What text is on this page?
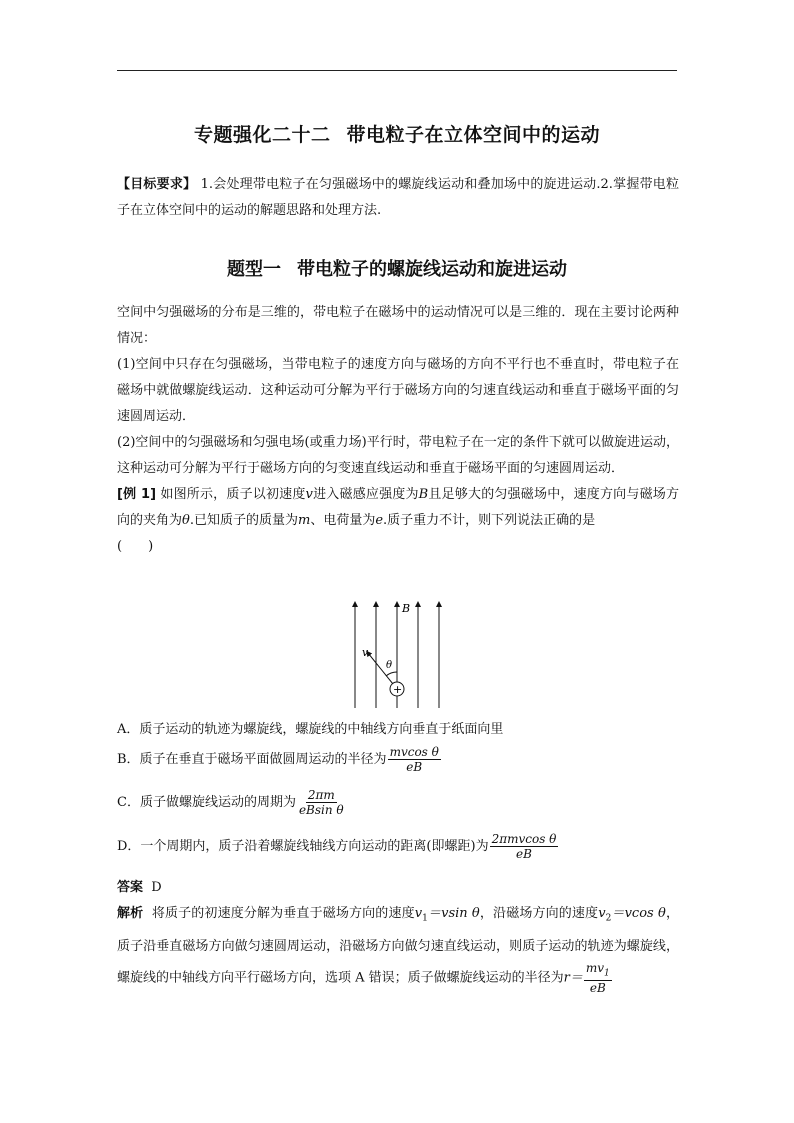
专题强化二十二 带电粒子在立体空间中的运动

【目标要求】 1.会处理带电粒子在匀强磁场中的螺旋线运动和叠加场中的旋进运动.2.掌握带电粒子在立体空间中的运动的解题思路和处理方法.

题型一 带电粒子的螺旋线运动和旋进运动

空间中匀强磁场的分布是三维的，带电粒子在磁场中的运动情况可以是三维的．现在主要讨论两种情况：

(1)空间中只存在匀强磁场，当带电粒子的速度方向与磁场的方向不平行也不垂直时，带电粒子在磁场中就做螺旋线运动．这种运动可分解为平行于磁场方向的匀速直线运动和垂直于磁场平面的匀速圆周运动．

(2)空间中的匀强磁场和匀强电场(或重力场)平行时，带电粒子在一定的条件下就可以做旋进运动，这种运动可分解为平行于磁场方向的匀变速直线运动和垂直于磁场平面的匀速圆周运动．

[例 1] 如图所示，质子以初速度v进入磁感应强度为B且足够大的匀强磁场中，速度方向与磁场方向的夹角为θ.已知质子的质量为m、电荷量为e.质子重力不计，则下列说法正确的是
(　　)

B
v
θ
+
A．质子运动的轨迹为螺旋线，螺旋线的中轴线方向垂直于纸面向里
B．质子在垂直于磁场平面做圆周运动的半径为 $\frac{\text{mvcos θ}}{eB}$
C．质子做螺旋线运动的周期为 $\frac{2\pi m}{\text{eBsin θ}}$
D．一个周期内，质子沿着螺旋线轴线方向运动的距离(即螺距)为 $\frac{\text{2πmvcos θ}}{eB}$
答案 D
解析 将质子的初速度分解为垂直于磁场方向的速度$v_1=vsin$ θ，沿磁场方向的速度$v_2=vcos$ θ，质子沿垂直磁场方向做匀速圆周运动，沿磁场方向做匀速直线运动，则质子运动的轨迹为螺旋线，螺旋线的中轴线方向平行磁场方向，选项 A 错误；质子做螺旋线运动的半径为$r= \frac{mv_1}{eB}$
